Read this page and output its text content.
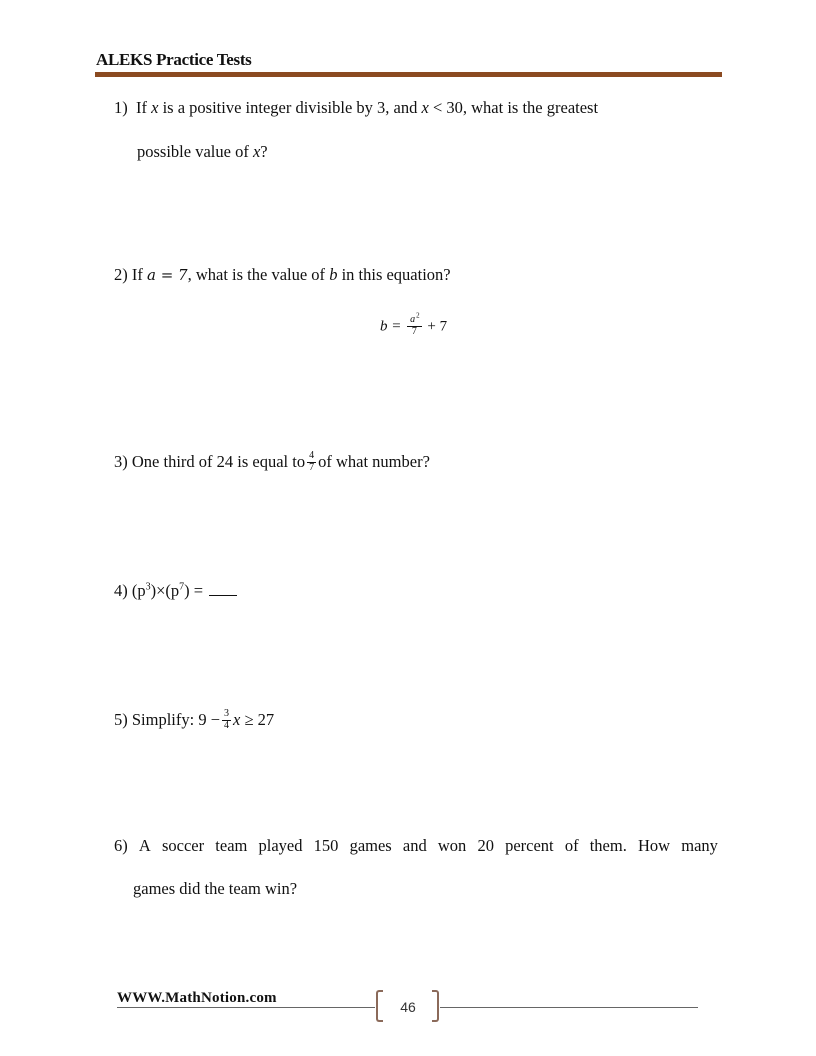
ALEKS Practice Tests
1) If x is a positive integer divisible by 3, and x < 30, what is the greatest
possible value of x?
2) If a = 7, what is the value of b in this equation?
$b = \frac{a^2}{7} + 7$
3) One third of 24 is equal to $\frac{4}{7}$ of what number?
4) $(p^3)\times(p^7)$ =
5) Simplify: $9 - \frac{3}{4}$ x ≥ 27
6) A soccer team played 150 games and won 20 percent of them. How many
games did the team win?
WWW.MathNotion.com
46
